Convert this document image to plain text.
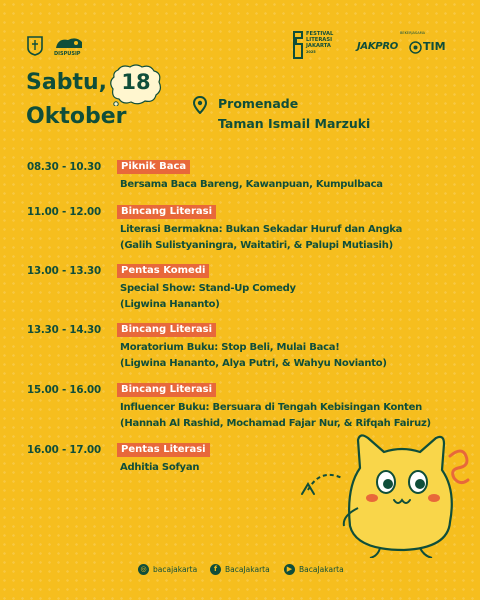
DISPUSIP
FESTIVAL
LITERASI
JAKARTA
2025
BEKERJASAMA
JAKPRO TIM
Sabtu, 18
Oktober
Promenade
Taman Ismail Marzuki
08.30 - 10.30	Piknik Baca
Bersama Baca Bareng, Kawanpuan, Kumpulbaca
11.00 - 12.00	Bincang Literasi
Literasi Bermakna: Bukan Sekadar Huruf dan Angka
(Galih Sulistyaningra, Waitatiri, & Palupi Mutiasih)
13.00 - 13.30	Pentas Komedi
Special Show: Stand-Up Comedy
(Ligwina Hananto)
13.30 - 14.30	Bincang Literasi
Moratorium Buku: Stop Beli, Mulai Baca!
(Ligwina Hananto, Alya Putri, & Wahyu Novianto)
15.00 - 16.00	Bincang Literasi
Influencer Buku: Bersuara di Tengah Kebisingan Konten
(Hannah Al Rashid, Mochamad Fajar Nur, & Rifqah Fairuz)
16.00 - 17.00	Pentas Literasi
Adhitia Sofyan
◎ bacajakarta	f	BacaJakarta	▶ BacaJakarta
